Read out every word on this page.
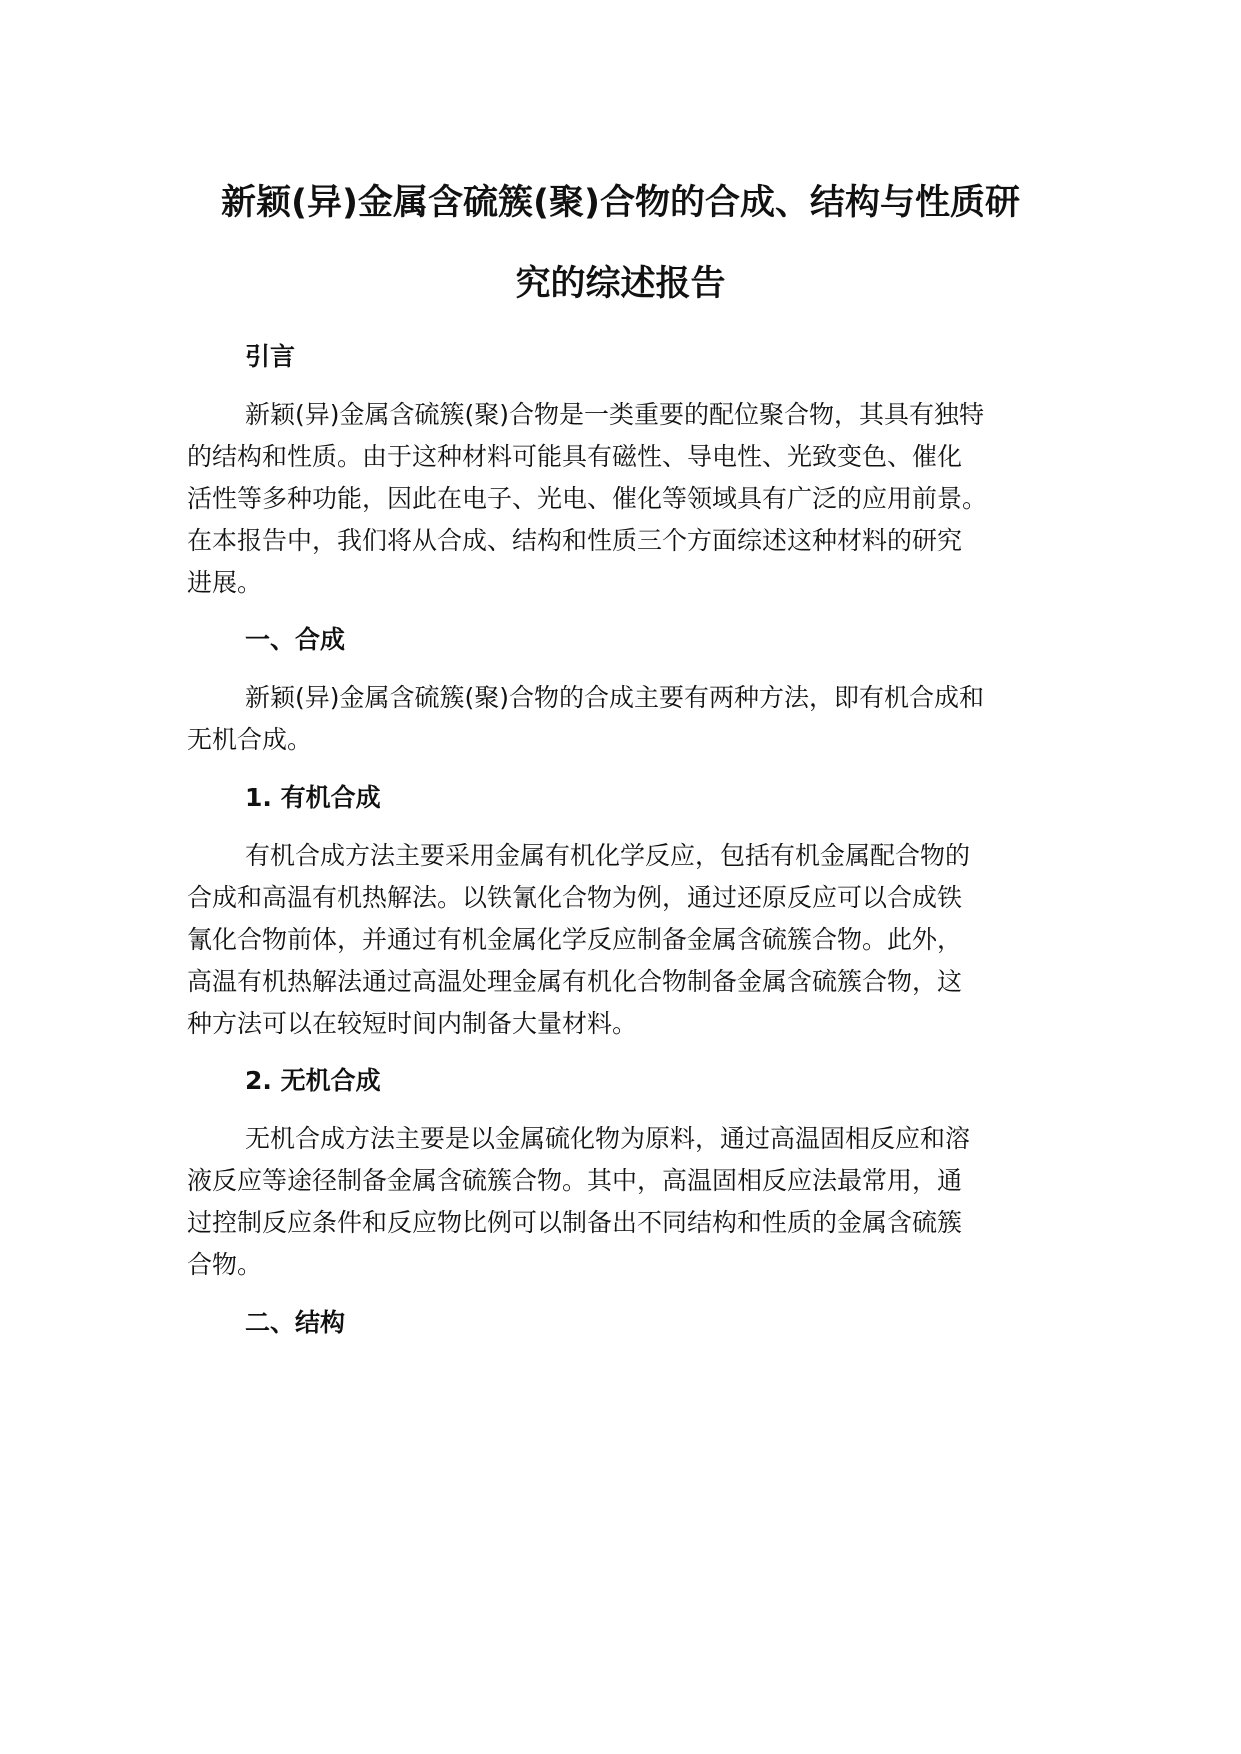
新颖(异)金属含硫簇(聚)合物的合成、结构与性质研
究的综述报告
引言
新颖(异)金属含硫簇(聚)合物是一类重要的配位聚合物，其具有独特
的结构和性质。由于这种材料可能具有磁性、导电性、光致变色、催化
活性等多种功能，因此在电子、光电、催化等领域具有广泛的应用前景。
在本报告中，我们将从合成、结构和性质三个方面综述这种材料的研究
进展。
一、合成
新颖(异)金属含硫簇(聚)合物的合成主要有两种方法，即有机合成和
无机合成。
1. 有机合成
有机合成方法主要采用金属有机化学反应，包括有机金属配合物的
合成和高温有机热解法。以铁氰化合物为例，通过还原反应可以合成铁
氰化合物前体，并通过有机金属化学反应制备金属含硫簇合物。此外，
高温有机热解法通过高温处理金属有机化合物制备金属含硫簇合物，这
种方法可以在较短时间内制备大量材料。
2. 无机合成
无机合成方法主要是以金属硫化物为原料，通过高温固相反应和溶
液反应等途径制备金属含硫簇合物。其中，高温固相反应法最常用，通
过控制反应条件和反应物比例可以制备出不同结构和性质的金属含硫簇
合物。
二、结构
